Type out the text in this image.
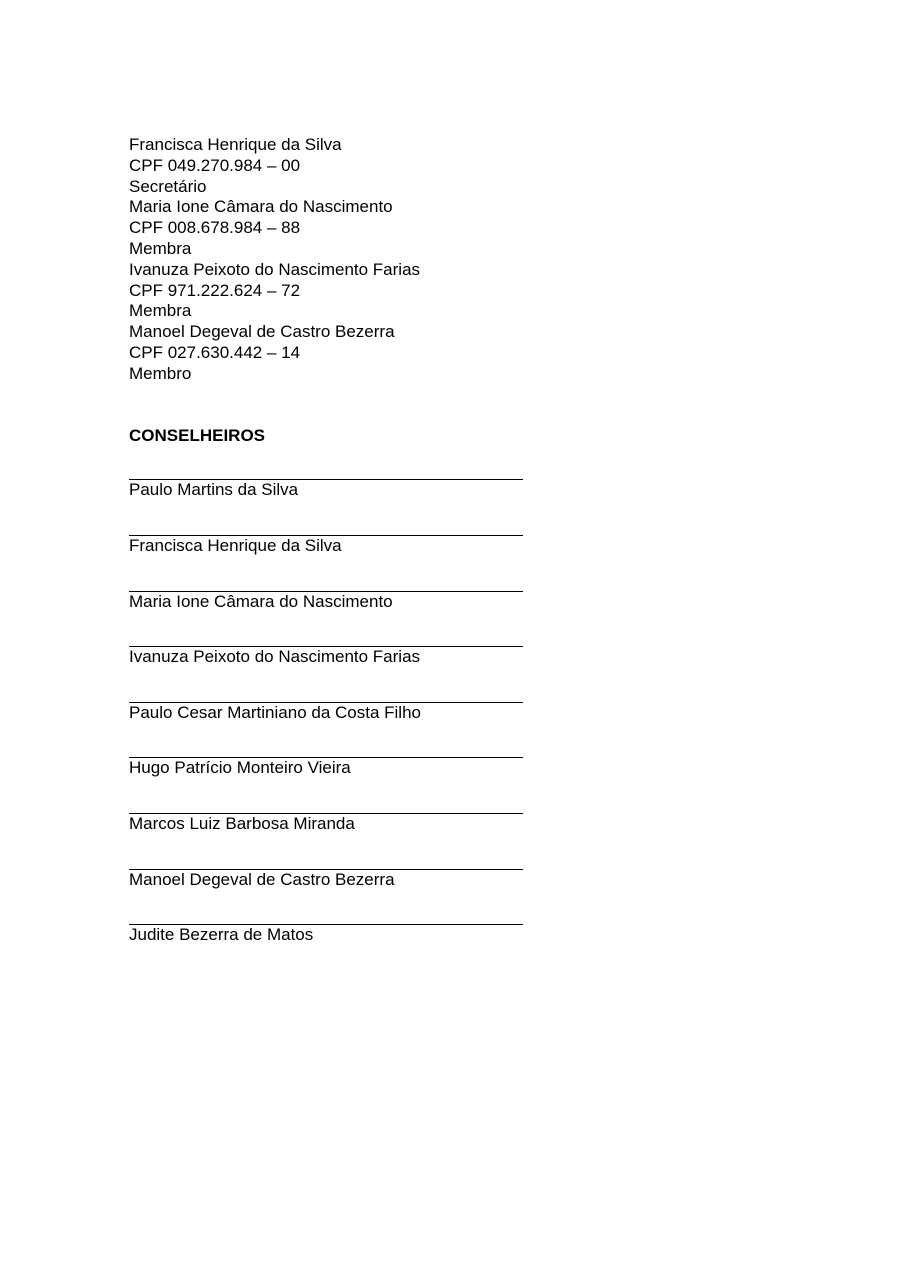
Francisca Henrique da Silva
CPF 049.270.984 – 00
Secretário
Maria Ione Câmara do Nascimento
CPF 008.678.984 – 88
Membra
Ivanuza Peixoto do Nascimento Farias
CPF 971.222.624 – 72
Membra
Manoel Degeval de Castro Bezerra
CPF 027.630.442 – 14
Membro
CONSELHEIROS
Paulo Martins da Silva
Francisca Henrique da Silva
Maria Ione Câmara do Nascimento
Ivanuza Peixoto do Nascimento Farias
Paulo Cesar Martiniano da Costa Filho
Hugo Patrício Monteiro Vieira
Marcos Luiz Barbosa Miranda
Manoel Degeval de Castro Bezerra
Judite Bezerra de Matos
